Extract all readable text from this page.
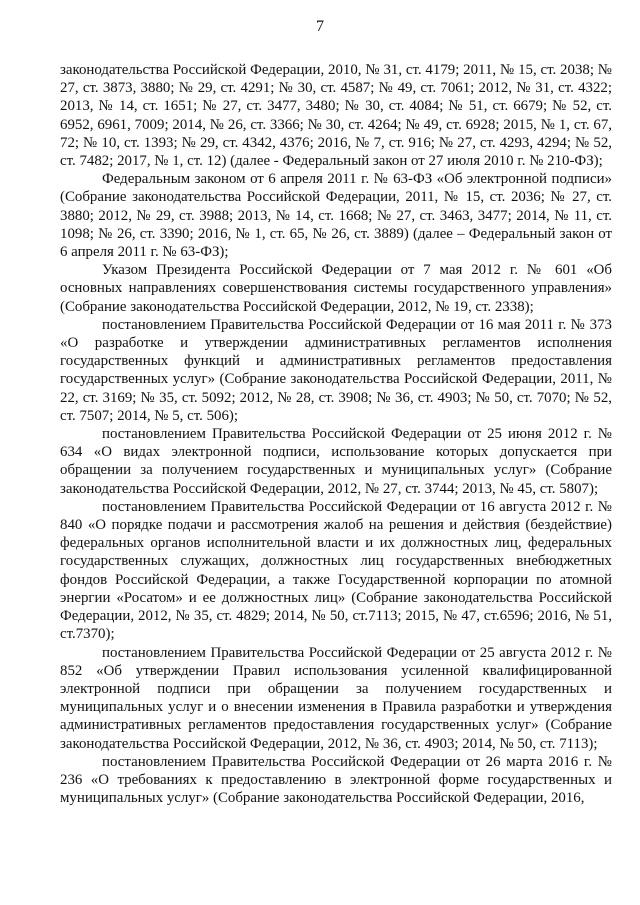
7

законодательства Российской Федерации, 2010, № 31, ст. 4179; 2011, № 15, ст. 2038; № 27, ст. 3873, 3880; № 29, ст. 4291; № 30, ст. 4587; № 49, ст. 7061; 2012, № 31, ст. 4322; 2013, № 14, ст. 1651; № 27, ст. 3477, 3480; № 30, ст. 4084; № 51, ст. 6679; № 52, ст. 6952, 6961, 7009; 2014, № 26, ст. 3366; № 30, ст. 4264; № 49, ст. 6928; 2015, № 1, ст. 67, 72; № 10, ст. 1393; № 29, ст. 4342, 4376; 2016, № 7, ст. 916; № 27, ст. 4293, 4294; № 52, ст. 7482; 2017, № 1, ст. 12) (далее - Федеральный закон от 27 июля 2010 г. № 210-ФЗ);

Федеральным законом от 6 апреля 2011 г. № 63-ФЗ «Об электронной подписи» (Собрание законодательства Российской Федерации, 2011, № 15, ст. 2036; № 27, ст. 3880; 2012, № 29, ст. 3988; 2013, № 14, ст. 1668; № 27, ст. 3463, 3477; 2014, № 11, ст. 1098; № 26, ст. 3390; 2016, № 1, ст. 65, № 26, ст. 3889) (далее – Федеральный закон от 6 апреля 2011 г. № 63-ФЗ);

Указом Президента Российской Федерации от 7 мая 2012 г. № 601 «Об основных направлениях совершенствования системы государственного управления» (Собрание законодательства Российской Федерации, 2012, № 19, ст. 2338);

постановлением Правительства Российской Федерации от 16 мая 2011 г. № 373 «О разработке и утверждении административных регламентов исполнения государственных функций и административных регламентов предоставления государственных услуг» (Собрание законодательства Российской Федерации, 2011, № 22, ст. 3169; № 35, ст. 5092; 2012, № 28, ст. 3908; № 36, ст. 4903; № 50, ст. 7070; № 52, ст. 7507; 2014, № 5, ст. 506);

постановлением Правительства Российской Федерации от 25 июня 2012 г. № 634 «О видах электронной подписи, использование которых допускается при обращении за получением государственных и муниципальных услуг» (Собрание законодательства Российской Федерации, 2012, № 27, ст. 3744; 2013, № 45, ст. 5807);

постановлением Правительства Российской Федерации от 16 августа 2012 г. № 840 «О порядке подачи и рассмотрения жалоб на решения и действия (бездействие) федеральных органов исполнительной власти и их должностных лиц, федеральных государственных служащих, должностных лиц государственных внебюджетных фондов Российской Федерации, а также Государственной корпорации по атомной энергии «Росатом» и ее должностных лиц» (Собрание законодательства Российской Федерации, 2012, № 35, ст. 4829; 2014, № 50, ст.7113; 2015, № 47, ст.6596; 2016, № 51, ст.7370);

постановлением Правительства Российской Федерации от 25 августа 2012 г. № 852 «Об утверждении Правил использования усиленной квалифицированной электронной подписи при обращении за получением государственных и муниципальных услуг и о внесении изменения в Правила разработки и утверждения административных регламентов предоставления государственных услуг» (Собрание законодательства Российской Федерации, 2012, № 36, ст. 4903; 2014, № 50, ст. 7113);

постановлением Правительства Российской Федерации от 26 марта 2016 г. № 236 «О требованиях к предоставлению в электронной форме государственных и муниципальных услуг» (Собрание законодательства Российской Федерации, 2016,
